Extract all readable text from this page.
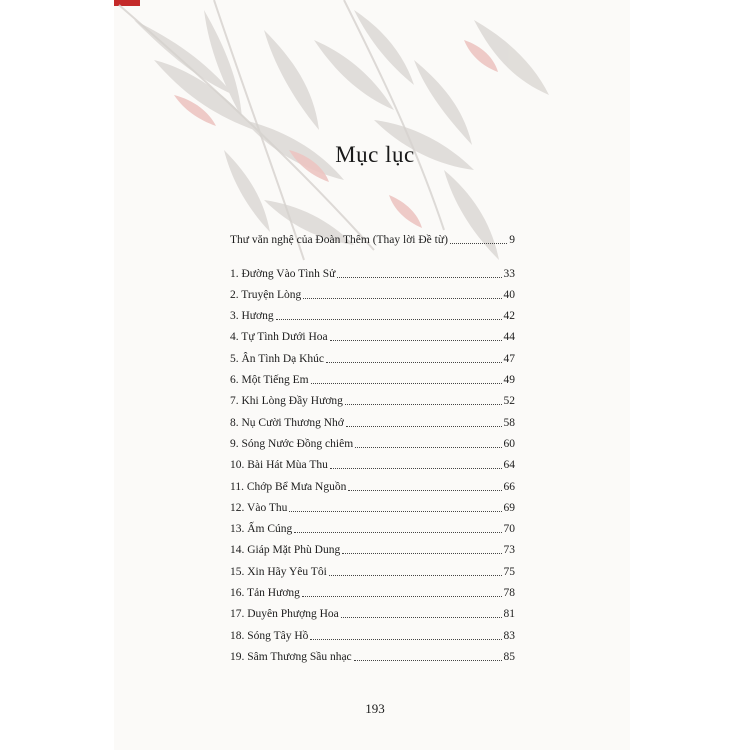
Mục lục
Thư văn nghệ của Đoàn Thêm (Thay lời Đề từ)	9
1. Đường Vào Tình Sử	33
2. Truyện Lòng	40
3. Hương	42
4. Tự Tình Dưới Hoa	44
5. Ân Tình Dạ Khúc	47
6. Một Tiếng Em	49
7. Khi Lòng Đầy Hương	52
8. Nụ Cười Thương Nhớ	58
9. Sóng Nước Đồng chiêm	60
10. Bài Hát Mùa Thu	64
11. Chớp Bể Mưa Nguồn	66
12. Vào Thu	69
13. Ấm Cúng	70
14. Giáp Mặt Phù Dung	73
15. Xin Hãy Yêu Tôi	75
16. Tản Hương	78
17. Duyên Phượng Hoa	81
18. Sóng Tây Hồ	83
19. Sâm Thương Sầu nhạc	85
193
